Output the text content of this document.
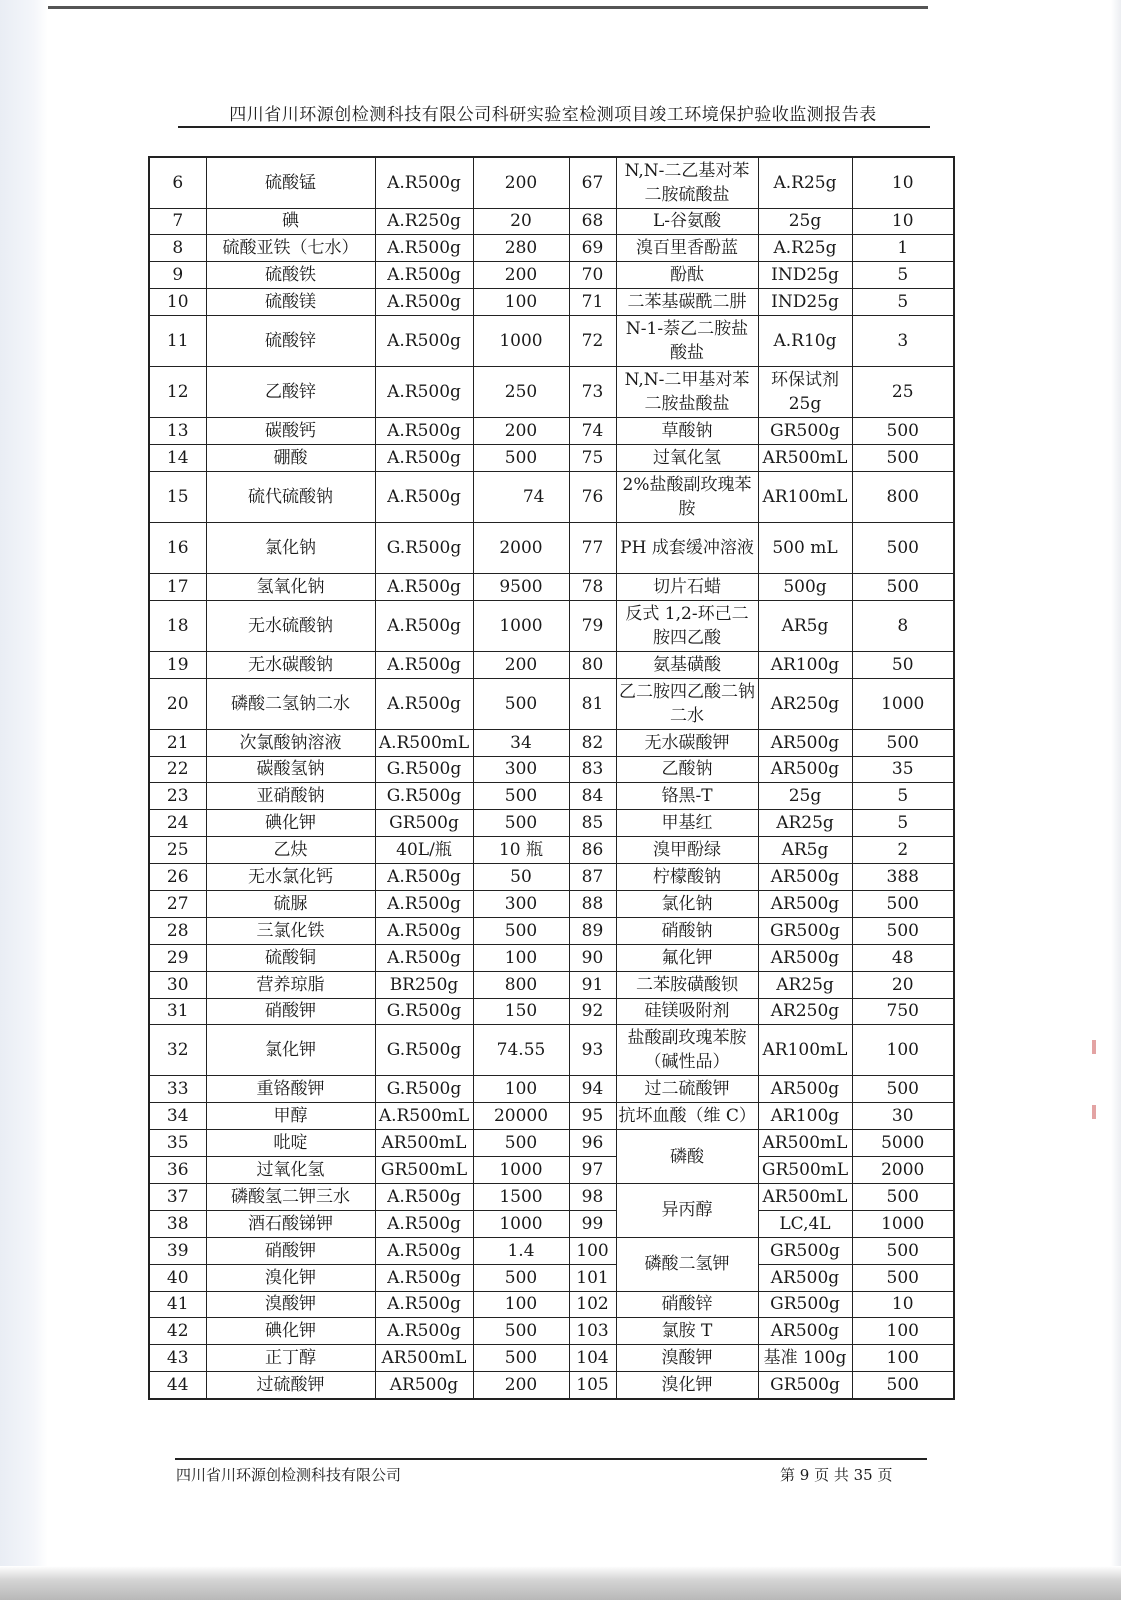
四川省川环源创检测科技有限公司科研实验室检测项目竣工环境保护验收监测报告表
6	硫酸锰	A.R500g	200	67	N,N-二乙基对苯二胺硫酸盐	A.R25g	10
7	碘	A.R250g	20	68	L-谷氨酸	25g	10
8	硫酸亚铁（七水）	A.R500g	280	69	溴百里香酚蓝	A.R25g	1
9	硫酸铁	A.R500g	200	70	酚酞	IND25g	5
10	硫酸镁	A.R500g	100	71	二苯基碳酰二肼	IND25g	5
11	硫酸锌	A.R500g	1000	72	N-1-萘乙二胺盐酸盐	A.R10g	3
12	乙酸锌	A.R500g	250	73	N,N-二甲基对苯二胺盐酸盐	环保试剂25g	25
13	碳酸钙	A.R500g	200	74	草酸钠	GR500g	500
14	硼酸	A.R500g	500	75	过氧化氢	AR500mL	500
15	硫代硫酸钠	A.R500g	74	76	2%盐酸副玫瑰苯胺	AR100mL	800
16	氯化钠	G.R500g	2000	77	PH 成套缓冲溶液	500 mL	500
17	氢氧化钠	A.R500g	9500	78	切片石蜡	500g	500
18	无水硫酸钠	A.R500g	1000	79	反式 1,2-环己二胺四乙酸	AR5g	8
19	无水碳酸钠	A.R500g	200	80	氨基磺酸	AR100g	50
20	磷酸二氢钠二水	A.R500g	500	81	乙二胺四乙酸二钠二水	AR250g	1000
21	次氯酸钠溶液	A.R500mL	34	82	无水碳酸钾	AR500g	500
22	碳酸氢钠	G.R500g	300	83	乙酸钠	AR500g	35
23	亚硝酸钠	G.R500g	500	84	铬黑-T	25g	5
24	碘化钾	GR500g	500	85	甲基红	AR25g	5
25	乙炔	40L/瓶	10 瓶	86	溴甲酚绿	AR5g	2
26	无水氯化钙	A.R500g	50	87	柠檬酸钠	AR500g	388
27	硫脲	A.R500g	300	88	氯化钠	AR500g	500
28	三氯化铁	A.R500g	500	89	硝酸钠	GR500g	500
29	硫酸铜	A.R500g	100	90	氟化钾	AR500g	48
30	营养琼脂	BR250g	800	91	二苯胺磺酸钡	AR25g	20
31	硝酸钾	G.R500g	150	92	硅镁吸附剂	AR250g	750
32	氯化钾	G.R500g	74.55	93	盐酸副玫瑰苯胺（碱性品）	AR100mL	100
33	重铬酸钾	G.R500g	100	94	过二硫酸钾	AR500g	500
34	甲醇	A.R500mL	20000	95	抗坏血酸（维 C）	AR100g	30
35	吡啶	AR500mL	500	96	磷酸	AR500mL	5000
36	过氧化氢	GR500mL	1000	97		GR500mL	2000
37	磷酸氢二钾三水	A.R500g	1500	98	异丙醇	AR500mL	500
38	酒石酸锑钾	A.R500g	1000	99		LC,4L	1000
39	硝酸钾	A.R500g	1.4	100	磷酸二氢钾	GR500g	500
40	溴化钾	A.R500g	500	101		AR500g	500
41	溴酸钾	A.R500g	100	102	硝酸锌	GR500g	10
42	碘化钾	A.R500g	500	103	氯胺 T	AR500g	100
43	正丁醇	AR500mL	500	104	溴酸钾	基准 100g	100
44	过硫酸钾	AR500g	200	105	溴化钾	GR500g	500
四川省川环源创检测科技有限公司	第 9 页 共 35 页
